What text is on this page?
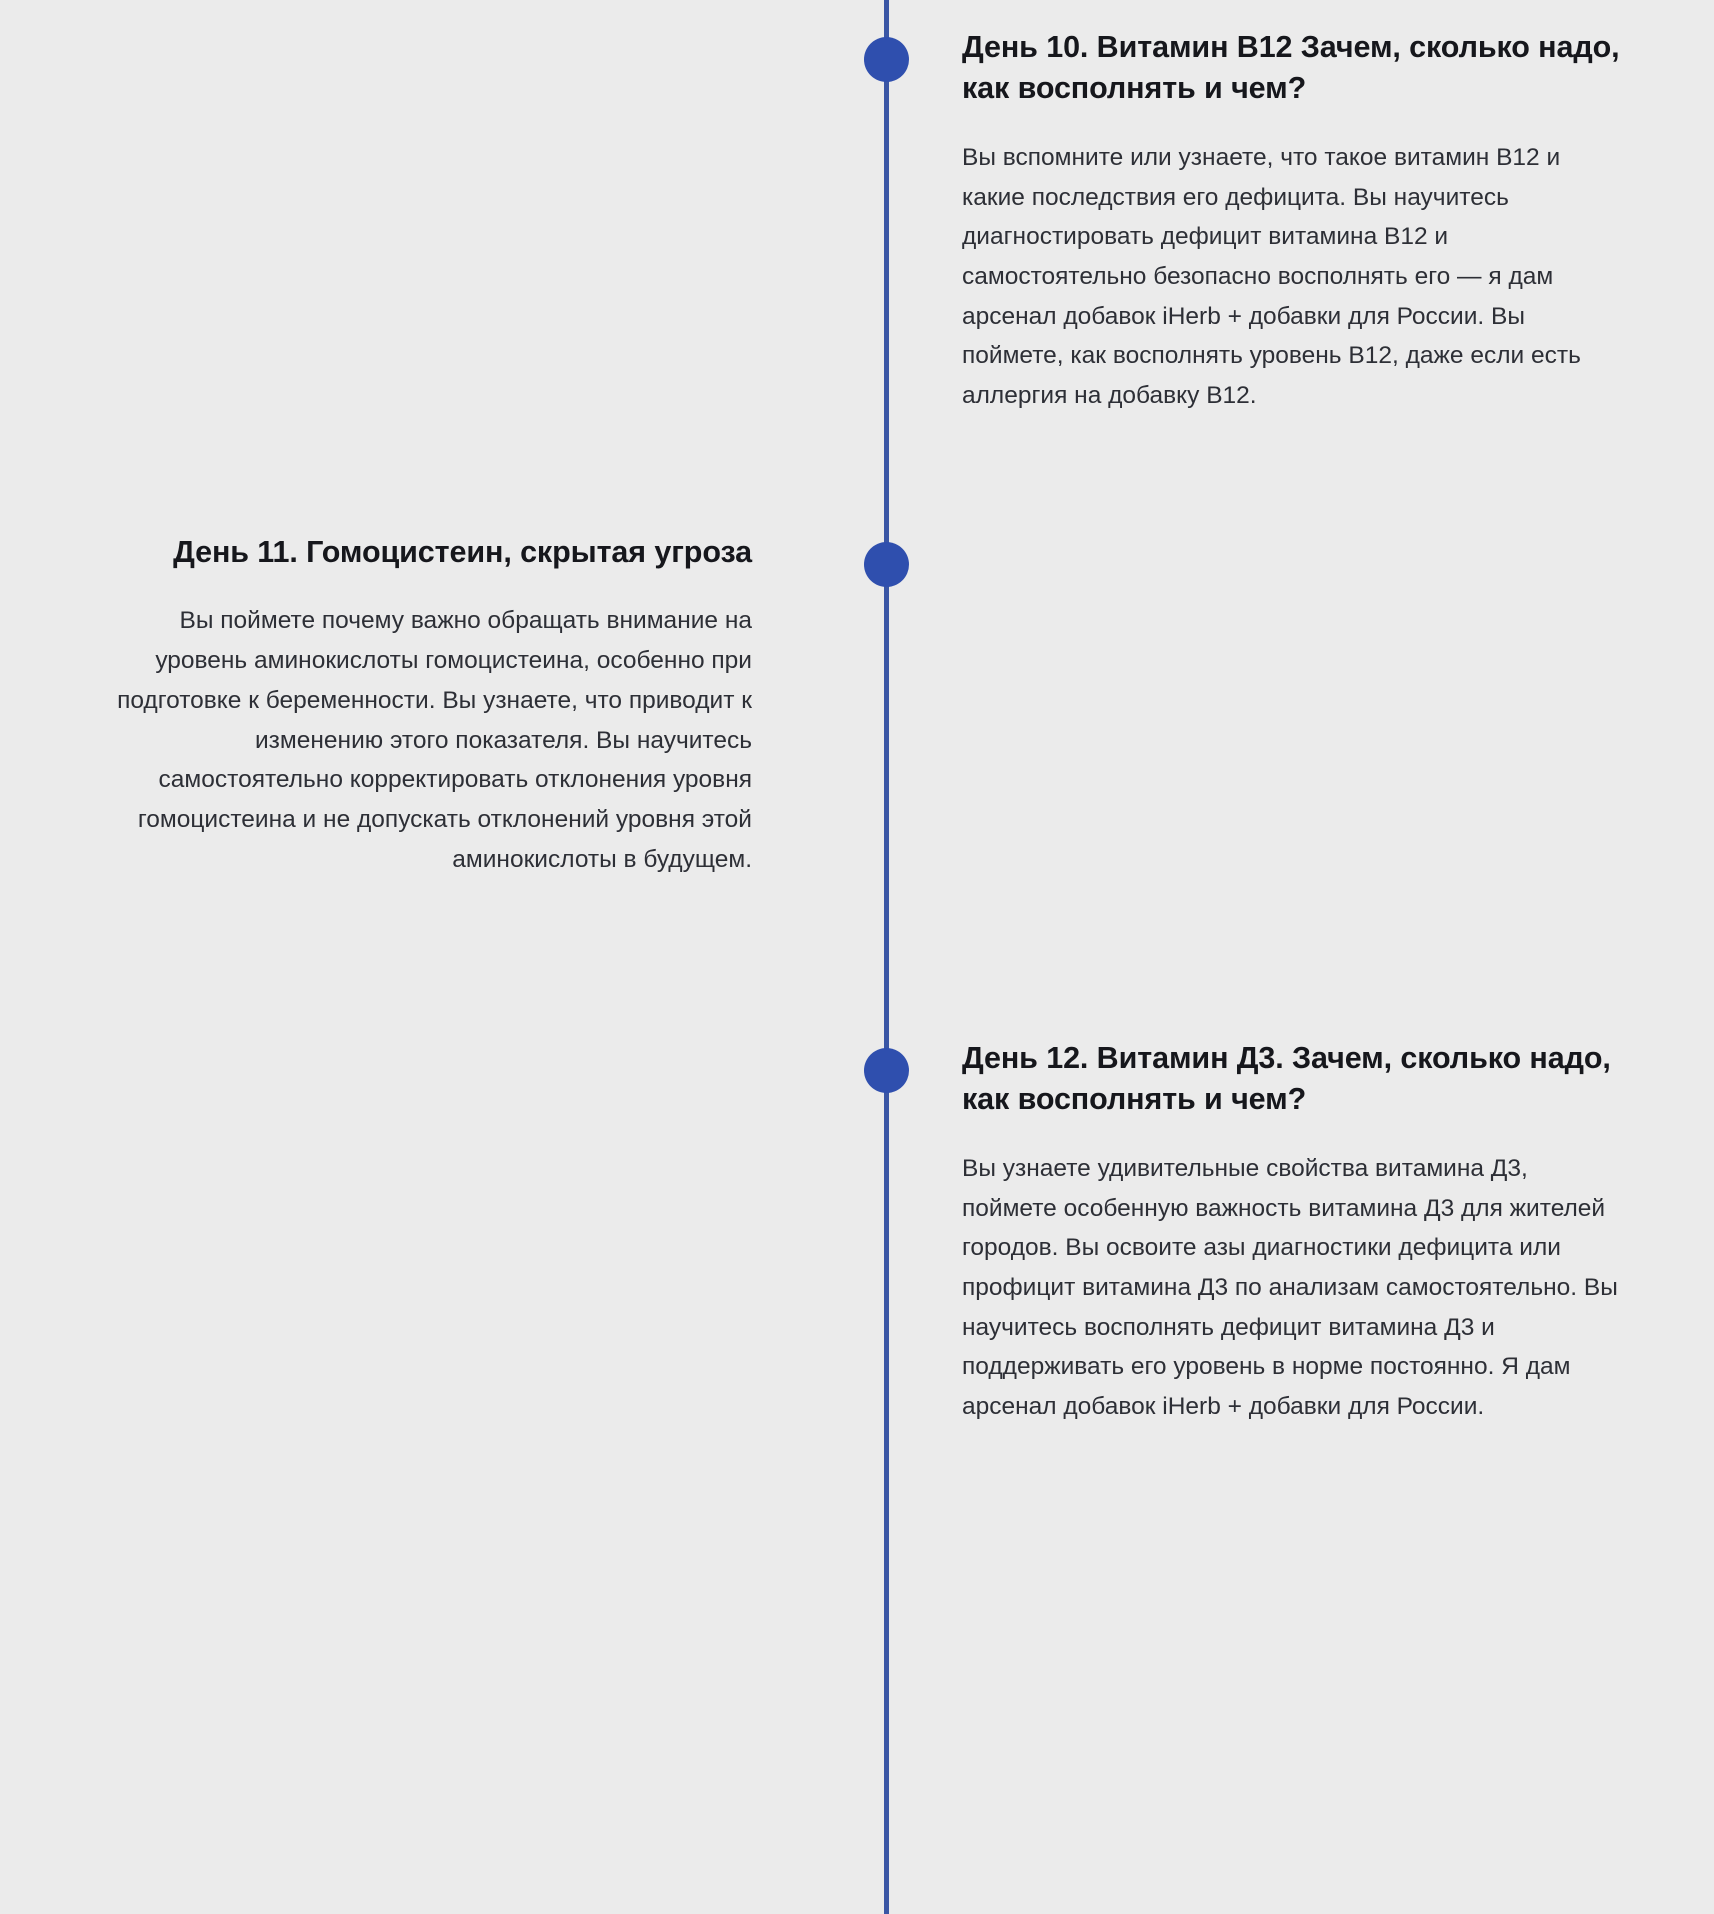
День 10. Витамин B12 Зачем, сколько надо, как восполнять и чем?

Вы вспомните или узнаете, что такое витамин B12 и какие последствия его дефицита. Вы научитесь диагностировать дефицит витамина B12 и самостоятельно безопасно восполнять его — я дам арсенал добавок iHerb + добавки для России. Вы поймете, как восполнять уровень B12, даже если есть аллергия на добавку B12.

День 11. Гомоцистеин, скрытая угроза

Вы поймете почему важно обращать внимание на уровень аминокислоты гомоцистеина, особенно при подготовке к беременности. Вы узнаете, что приводит к изменению этого показателя. Вы научитесь самостоятельно корректировать отклонения уровня гомоцистеина и не допускать отклонений уровня этой аминокислоты в будущем.

День 12. Витамин Д3. Зачем, сколько надо, как восполнять и чем?

Вы узнаете удивительные свойства витамина Д3, поймете особенную важность витамина Д3 для жителей городов. Вы освоите азы диагностики дефицита или профицит витамина Д3 по анализам самостоятельно. Вы научитесь восполнять дефицит витамина Д3 и поддерживать его уровень в норме постоянно. Я дам арсенал добавок iHerb + добавки для России.
